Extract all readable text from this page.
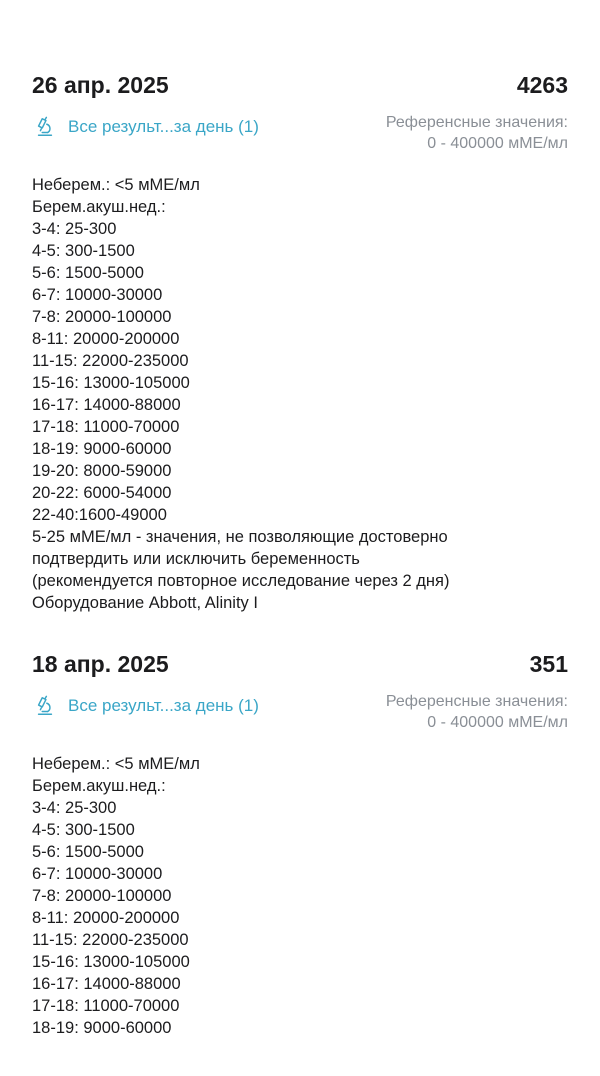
26 апр. 2025	4263
Все результ...за день (1)	Референсные значения:
0 - 400000 мМЕ/мл
Неберем.: <5 мМЕ/мл
Берем.акуш.нед.:
3-4: 25-300
4-5: 300-1500
5-6: 1500-5000
6-7: 10000-30000
7-8: 20000-100000
8-11: 20000-200000
11-15: 22000-235000
15-16: 13000-105000
16-17: 14000-88000
17-18: 11000-70000
18-19: 9000-60000
19-20: 8000-59000
20-22: 6000-54000
22-40:1600-49000
5-25 мМЕ/мл - значения, не позволяющие достоверно
подтвердить или исключить беременность
(рекомендуется повторное исследование через 2 дня)
Оборудование Abbott, Alinity I
18 апр. 2025	351
Все результ...за день (1)	Референсные значения:
0 - 400000 мМЕ/мл
Неберем.: <5 мМЕ/мл
Берем.акуш.нед.:
3-4: 25-300
4-5: 300-1500
5-6: 1500-5000
6-7: 10000-30000
7-8: 20000-100000
8-11: 20000-200000
11-15: 22000-235000
15-16: 13000-105000
16-17: 14000-88000
17-18: 11000-70000
18-19: 9000-60000
